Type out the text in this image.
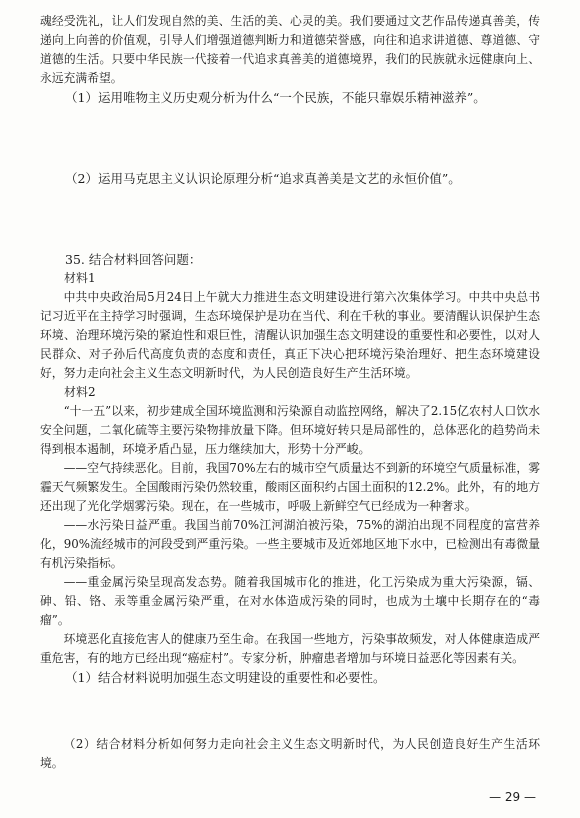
魂经受洗礼，让人们发现自然的美、生活的美、心灵的美。我们要通过文艺作品传递真善美，传递向上向善的价值观，引导人们增强道德判断力和道德荣誉感，向往和追求讲道德、尊道德、守道德的生活。只要中华民族一代接着一代追求真善美的道德境界，我们的民族就永远健康向上、永远充满希望。

（1）运用唯物主义历史观分析为什么“一个民族，不能只靠娱乐精神滋养”。

（2）运用马克思主义认识论原理分析“追求真善美是文艺的永恒价值”。

35. 结合材料回答问题：

材料1

中共中央政治局5月24日上午就大力推进生态文明建设进行第六次集体学习。中共中央总书记习近平在主持学习时强调，生态环境保护是功在当代、利在千秋的事业。要清醒认识保护生态环境、治理环境污染的紧迫性和艰巨性，清醒认识加强生态文明建设的重要性和必要性，以对人民群众、对子孙后代高度负责的态度和责任，真正下决心把环境污染治理好、把生态环境建设好，努力走向社会主义生态文明新时代，为人民创造良好生产生活环境。

材料2

“十一五”以来，初步建成全国环境监测和污染源自动监控网络，解决了2.15亿农村人口饮水安全问题，二氧化硫等主要污染物排放量下降。但环境好转只是局部性的，总体恶化的趋势尚未得到根本遏制，环境矛盾凸显，压力继续加大，形势十分严峻。

——空气持续恶化。目前，我国70%左右的城市空气质量达不到新的环境空气质量标准，雾霾天气频繁发生。全国酸雨污染仍然较重，酸雨区面积约占国土面积的12.2%。此外，有的地方还出现了光化学烟雾污染。现在，在一些城市，呼吸上新鲜空气已经成为一种奢求。

——水污染日益严重。我国当前70%江河湖泊被污染，75%的湖泊出现不同程度的富营养化，90%流经城市的河段受到严重污染。一些主要城市及近郊地区地下水中，已检测出有毒微量有机污染指标。

——重金属污染呈现高发态势。随着我国城市化的推进，化工污染成为重大污染源，镉、砷、铅、铬、汞等重金属污染严重，在对水体造成污染的同时，也成为土壤中长期存在的“毒瘤”。

环境恶化直接危害人的健康乃至生命。在我国一些地方，污染事故频发，对人体健康造成严重危害，有的地方已经出现“癌症村”。专家分析，肿瘤患者增加与环境日益恶化等因素有关。

（1）结合材料说明加强生态文明建设的重要性和必要性。

（2）结合材料分析如何努力走向社会主义生态文明新时代，为人民创造良好生产生活环境。

— 29 —
